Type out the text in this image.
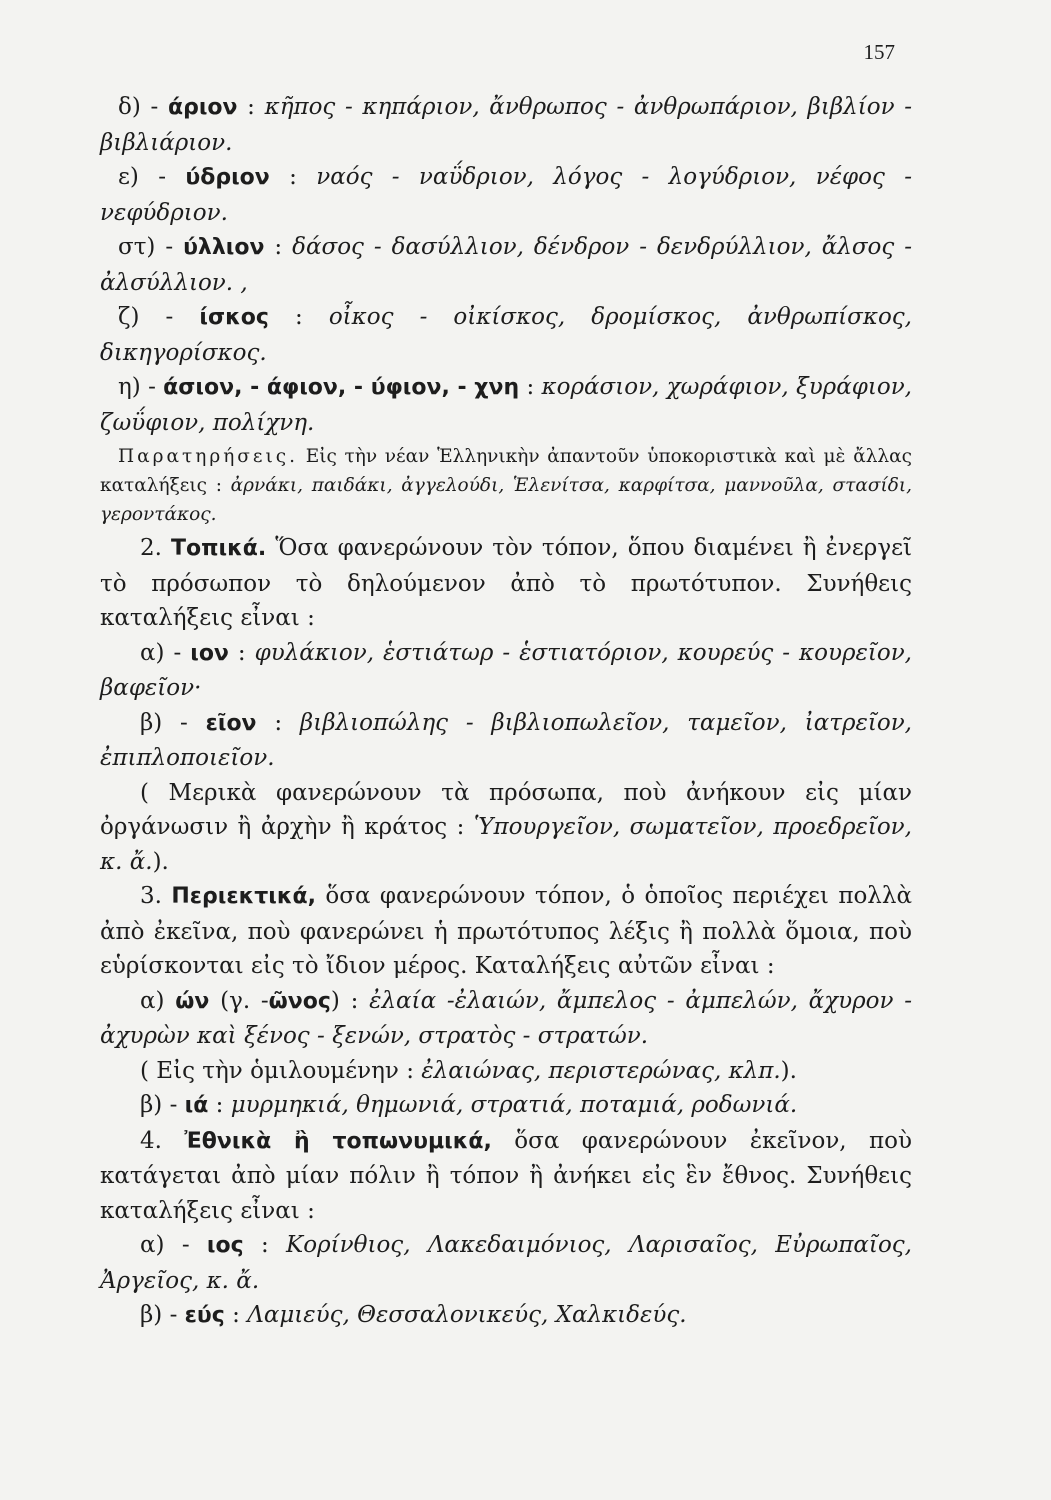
157

δ) - άριον : κῆπος - κηπάριον, ἄνθρωπος - ἀνθρωπάριον, βιβλίον - βιβλιάριον.

ε) - ύδριον : ναός - ναΰδριον, λόγος - λογύδριον, νέφος - νεφύδριον.

στ) - ύλλιον : δάσος - δασύλλιον, δένδρον - δενδρύλλιον, ἄλσος - ἀλσύλλιον. ,

ζ) - ίσκος : οἶκος - οἰκίσκος, δρομίσκος, ἀνθρωπίσκος, δικηγορίσκος.

η) - άσιον, - άφιον, - ύφιον, - χνη : κοράσιον, χωράφιον, ξυράφιον, ζωΰφιον, πολίχνη.

Παρατηρήσεις. Εἰς τὴν νέαν Ἑλληνικὴν ἀπαντοῦν ὑποκοριστικὰ καὶ μὲ ἄλλας καταλήξεις : ἀρνάκι, παιδάκι, ἀγγελούδι, Ἑλενίτσα, καρφίτσα, μαννοῦλα, στασίδι, γεροντάκος.

2. Τοπικά. Ὅσα φανερώνουν τὸν τόπον, ὅπου διαμένει ἢ ἐνεργεῖ τὸ πρόσωπον τὸ δηλούμενον ἀπὸ τὸ πρωτότυπον. Συνήθεις καταλήξεις εἶναι :

α) - ιον : φυλάκιον, ἑστιάτωρ - ἑστιατόριον, κουρεύς - κουρεῖον, βαφεῖον·

β) - εῖον : βιβλιοπώλης - βιβλιοπωλεῖον, ταμεῖον, ἰατρεῖον, ἐπιπλοποιεῖον.

( Μερικὰ φανερώνουν τὰ πρόσωπα, ποὺ ἀνήκουν εἰς μίαν ὀργάνωσιν ἢ ἀρχὴν ἢ κράτος : Ὑπουργεῖον, σωματεῖον, προεδρεῖον, κ. ἄ.).

3. Περιεκτικά, ὅσα φανερώνουν τόπον, ὁ ὁποῖος περιέχει πολλὰ ἀπὸ ἐκεῖνα, ποὺ φανερώνει ἡ πρωτότυπος λέξις ἢ πολλὰ ὅμοια, ποὺ εὑρίσκονται εἰς τὸ ἴδιον μέρος. Καταλήξεις αὐτῶν εἶναι :

α) ών (γ. -ῶνος) : ἐλαία -ἐλαιών, ἄμπελος - ἀμπελών, ἄχυρον - ἀχυρὼν καὶ ξένος - ξενών, στρατὸς - στρατών.

( Εἰς τὴν ὁμιλουμένην : ἐλαιώνας, περιστερώνας, κλπ.).

β) - ιά : μυρμηκιά, θημωνιά, στρατιά, ποταμιά, ροδωνιά.

4. Ἐθνικὰ ἢ τοπωνυμικά, ὅσα φανερώνουν ἐκεῖνον, ποὺ κατάγεται ἀπὸ μίαν πόλιν ἢ τόπον ἢ ἀνήκει εἰς ἓν ἔθνος. Συνήθεις καταλήξεις εἶναι :

α) - ιος : Κορίνθιος, Λακεδαιμόνιος, Λαρισαῖος, Εὐρωπαῖος, Ἀργεῖος, κ. ἄ.

β) - εύς : Λαμιεύς, Θεσσαλονικεύς, Χαλκιδεύς.
